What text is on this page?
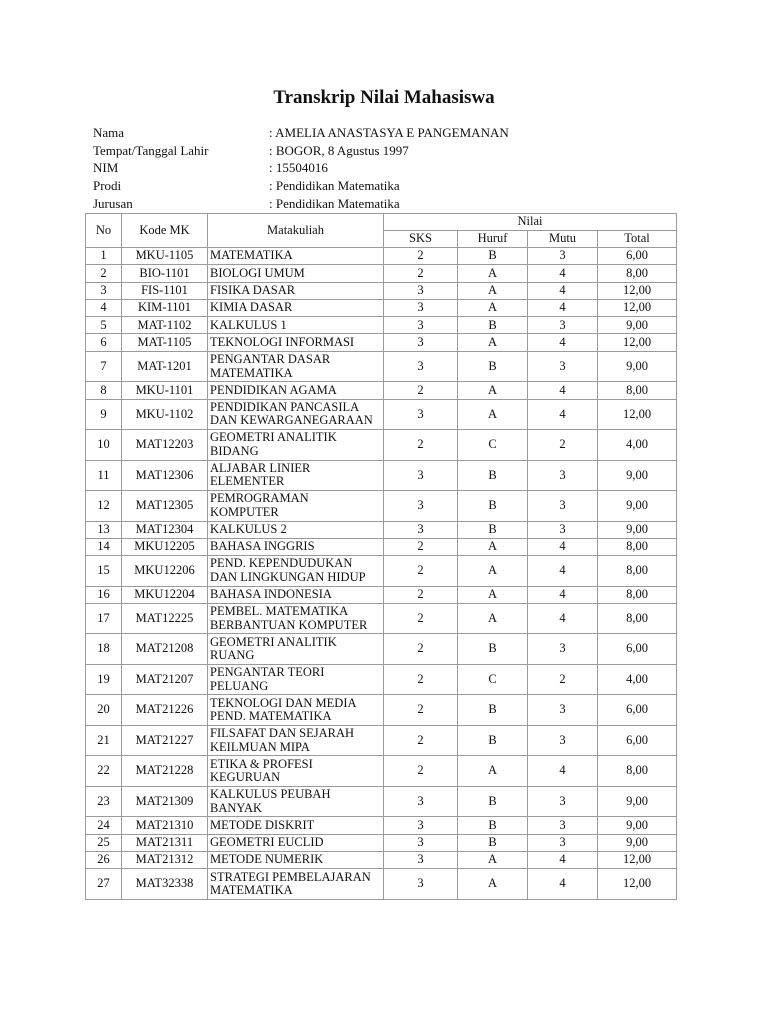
Transkrip Nilai Mahasiswa
Nama	: AMELIA ANASTASYA E PANGEMANAN
Tempat/Tanggal Lahir	: BOGOR, 8 Agustus 1997
NIM	: 15504016
Prodi	: Pendidikan Matematika
Jurusan	: Pendidikan Matematika
No	Kode MK	Matakuliah	Nilai			
			SKS	Huruf	Mutu	Total
1	MKU-1105	MATEMATIKA	2	B	3	6,00
2	BIO-1101	BIOLOGI UMUM	2	A	4	8,00
3	FIS-1101	FISIKA DASAR	3	A	4	12,00
4	KIM-1101	KIMIA DASAR	3	A	4	12,00
5	MAT-1102	KALKULUS 1	3	B	3	9,00
6	MAT-1105	TEKNOLOGI INFORMASI	3	A	4	12,00
7	MAT-1201	PENGANTAR DASAR
MATEMATIKA	3	B	3	9,00
8	MKU-1101	PENDIDIKAN AGAMA	2	A	4	8,00
9	MKU-1102	PENDIDIKAN PANCASILA
DAN KEWARGANEGARAAN	3	A	4	12,00
10	MAT12203	GEOMETRI ANALITIK
BIDANG	2	C	2	4,00
11	MAT12306	ALJABAR LINIER
ELEMENTER	3	B	3	9,00
12	MAT12305	PEMROGRAMAN
KOMPUTER	3	B	3	9,00
13	MAT12304	KALKULUS 2	3	B	3	9,00
14	MKU12205	BAHASA INGGRIS	2	A	4	8,00
15	MKU12206	PEND. KEPENDUDUKAN
DAN LINGKUNGAN HIDUP	2	A	4	8,00
16	MKU12204	BAHASA INDONESIA	2	A	4	8,00
17	MAT12225	PEMBEL. MATEMATIKA
BERBANTUAN KOMPUTER	2	A	4	8,00
18	MAT21208	GEOMETRI ANALITIK
RUANG	2	B	3	6,00
19	MAT21207	PENGANTAR TEORI
PELUANG	2	C	2	4,00
20	MAT21226	TEKNOLOGI DAN MEDIA
PEND. MATEMATIKA	2	B	3	6,00
21	MAT21227	FILSAFAT DAN SEJARAH
KEILMUAN MIPA	2	B	3	6,00
22	MAT21228	ETIKA & PROFESI
KEGURUAN	2	A	4	8,00
23	MAT21309	KALKULUS PEUBAH
BANYAK	3	B	3	9,00
24	MAT21310	METODE DISKRIT	3	B	3	9,00
25	MAT21311	GEOMETRI EUCLID	3	B	3	9,00
26	MAT21312	METODE NUMERIK	3	A	4	12,00
27	MAT32338	STRATEGI PEMBELAJARAN
MATEMATIKA	3	A	4	12,00
